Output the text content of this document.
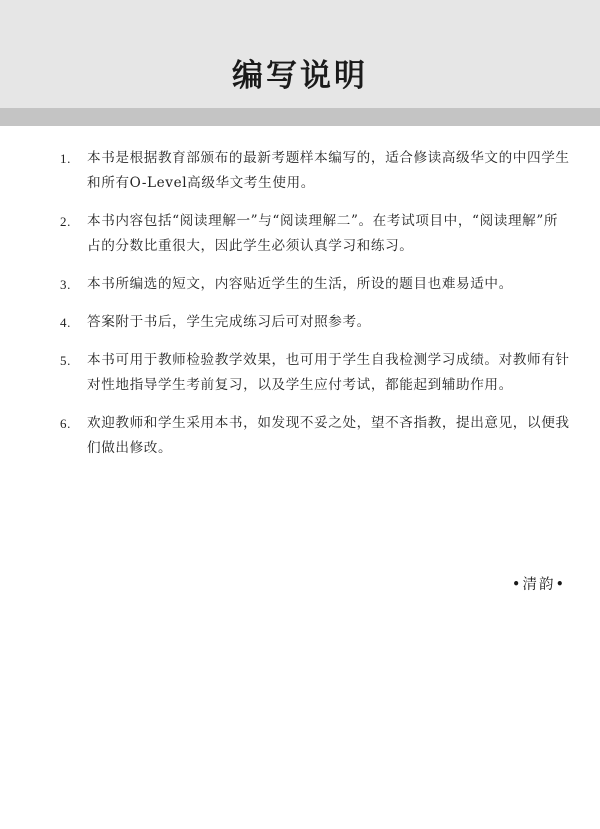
编写说明
1. 本书是根据教育部颁布的最新考题样本编写的，适合修读高级华文的中四学生和所有O-Level高级华文考生使用。
2. 本书内容包括“阅读理解一”与“阅读理解二”。在考试项目中，“阅读理解”所占的分数比重很大，因此学生必须认真学习和练习。
3. 本书所编选的短文，内容贴近学生的生活，所设的题目也难易适中。
4. 答案附于书后，学生完成练习后可对照参考。
5. 本书可用于教师检验教学效果，也可用于学生自我检测学习成绩。对教师有针对性地指导学生考前复习，以及学生应付考试，都能起到辅助作用。
6. 欢迎教师和学生采用本书，如发现不妥之处，望不吝指教，提出意见，以便我们做出修改。
•清韵•
